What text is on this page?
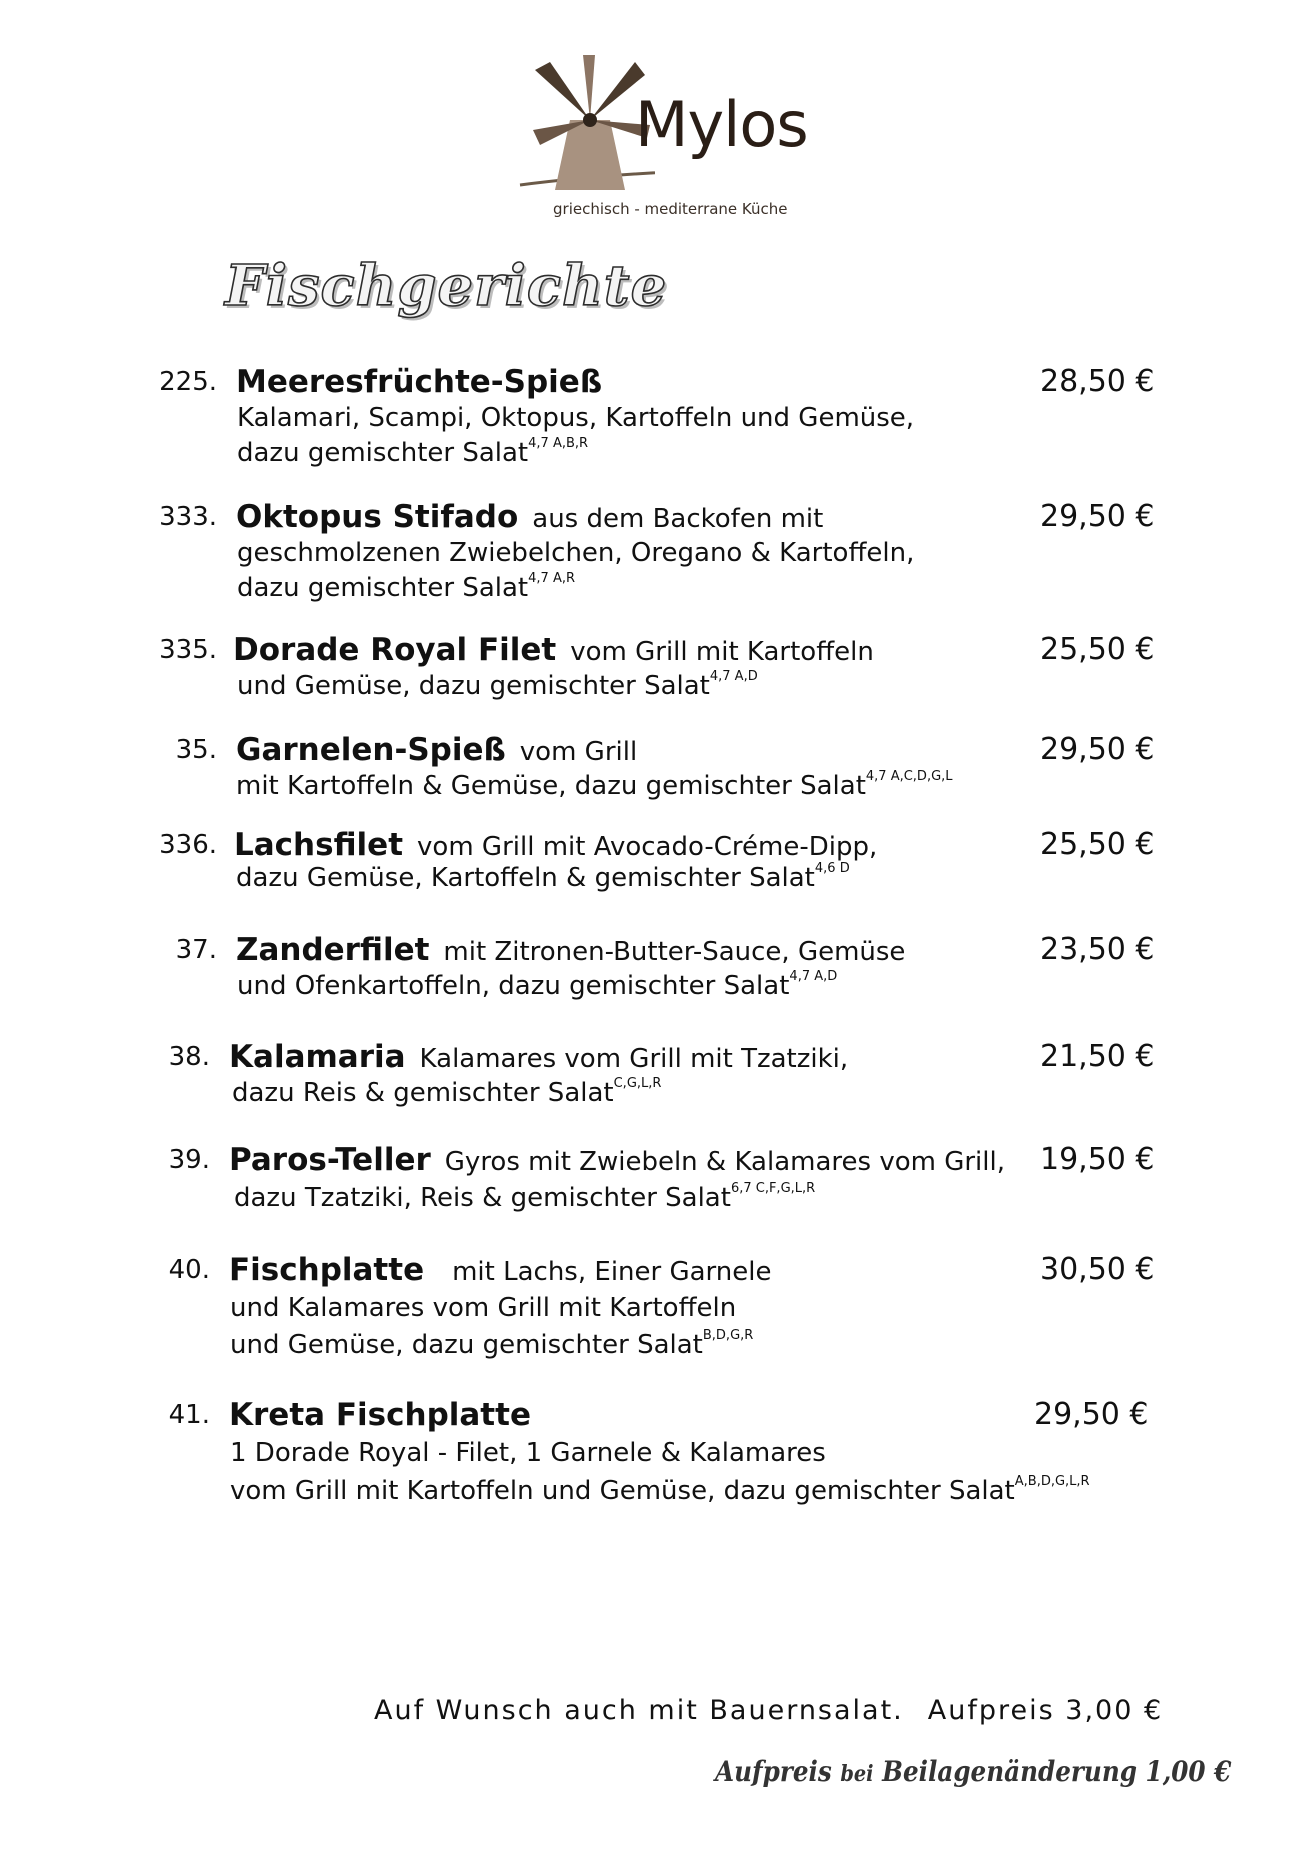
Mylos
griechisch - mediterrane Küche
Fischgerichte
225. Meeresfrüchte-Spieß	28,50 €
Kalamari, Scampi, Oktopus, Kartoffeln und Gemüse,
dazu gemischter Salat$^{4,7 A,B,R}$
333. Oktopus Stifado aus dem Backofen mit	29,50 €
geschmolzenen Zwiebelchen, Oregano & Kartoffeln,
dazu gemischter Salat$^{4,7 A,R}$
335. Dorade Royal Filet vom Grill mit Kartoffeln	25,50 €
und Gemüse, dazu gemischter Salat$^{4,7 A,D}$
35. Garnelen-Spieß vom Grill	29,50 €
mit Kartoffeln & Gemüse, dazu gemischter Salat$^{4,7 A,C,D,G,L}$
336. Lachsfilet vom Grill mit Avocado-Créme-Dipp,	25,50 €
dazu Gemüse, Kartoffeln & gemischter Salat$^{4,6 D}$
37. Zanderfilet mit Zitronen-Butter-Sauce, Gemüse	23,50 €
und Ofenkartoffeln, dazu gemischter Salat$^{4,7 A,D}$
38. Kalamaria Kalamares vom Grill mit Tzatziki,	21,50 €
dazu Reis & gemischter Salat$^{C,G,L,R}$
39. Paros-Teller Gyros mit Zwiebeln & Kalamares vom Grill, 19,50 €
dazu Tzatziki, Reis & gemischter Salat$^{6,7 C,F,G,L,R}$
40. Fischplatte mit Lachs, Einer Garnele	30,50 €
und Kalamares vom Grill mit Kartoffeln
und Gemüse, dazu gemischter Salat$^{B,D,G,R}$
41. Kreta Fischplatte	29,50 €
1 Dorade Royal - Filet, 1 Garnele & Kalamares
vom Grill mit Kartoffeln und Gemüse, dazu gemischter Salat$^{A,B,D,G,L,R}$
Auf Wunsch auch mit Bauernsalat. Aufpreis 3,00 €
Aufpreis bei Beilagenänderung 1,00 €
